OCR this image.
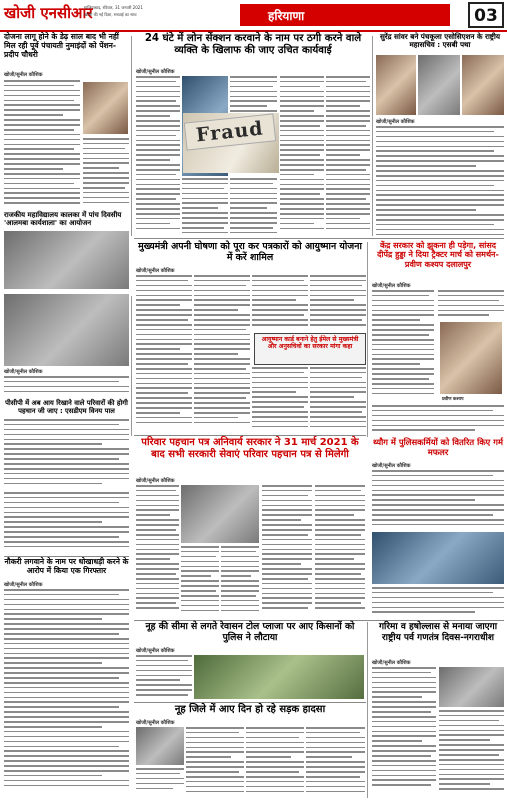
खोजी एनसीआर
गाजियाबाद, रविवार, 31 जनवरी 2021
खोजी की नई दिशा, सच्चाई का साथ	हरियाणा	03
दोजना लागू होने के डेढ़ साल बाद भी नहीं मिल रही पूर्व पंचायती नुमाइंदों को पेंशन-प्रदीप चौधरी
खोजी/सुनील कौशिक
राजकीय महाविद्यालय कालका में पांच दिवसीय 'आलमबा कार्यशाला' का आयोजन
24 घंटे में लोन सेंक्शन करवाने के नाम पर ठगी करने वाले व्यक्ति के खिलाफ की जाए उचित कार्यवाई
खोजी/सुनील कौशिक
Fraud
सुरेंद्र सांवर बने पंचकूला एसोसिएशन के राष्ट्रीय महासचिव : एसबी पथा
खोजी/सुनील कौशिक
मुख्यमंत्री अपनी घोषणा को पूरा कर पत्रकारों को आयुष्मान योजना में करें शामिल
खोजी/सुनील कौशिक
आयुष्मान कार्ड बनाने हेतु ईमेल से मुख्यमंत्री और अनुसचिवों का सरकार मांगा कहा
खोजी/सुनील कौशिक
पीसीपी में अब आय रिखाने वाले परिवारों की होगी पहचान जी जाए : एसडीएम विनय पाल
केंद्र सरकार को झुकना ही पड़ेगा, सांसद दीपेंद्र हुड्डा ने दिया ट्रैक्टर मार्च को समर्थन-प्रवीण कश्यप दलालपुर
खोजी/सुनील कौशिक
प्रवीण कश्यप
परिवार पहचान पत्र अनिवार्य सरकार ने 31 मार्च 2021 के बाद सभी सरकारी सेवाएं परिवार पहचान पत्र से मिलेगी
खोजी/सुनील कौशिक
नौकरी लगवाने के नाम पर धोखाधड़ी करने के आरोप में किया एक गिरफ्तार
खोजी/सुनील कौशिक
थ्यौग में पुलिसकर्मियों को वितरित किए गर्म मफलर
खोजी/सुनील कौशिक
नूह की सीमा से लगते रेवासन टोल प्लाजा पर आए किसानों को पुलिस ने लौटाया
खोजी/सुनील कौशिक
नूह जिले में आए दिन हो रहे सड़क हादसा
खोजी/सुनील कौशिक
गरिमा व हषोल्लास से मनाया जाएगा राष्ट्रीय पर्व गणतंत्र दिवस-नगराधीश
खोजी/सुनील कौशिक
